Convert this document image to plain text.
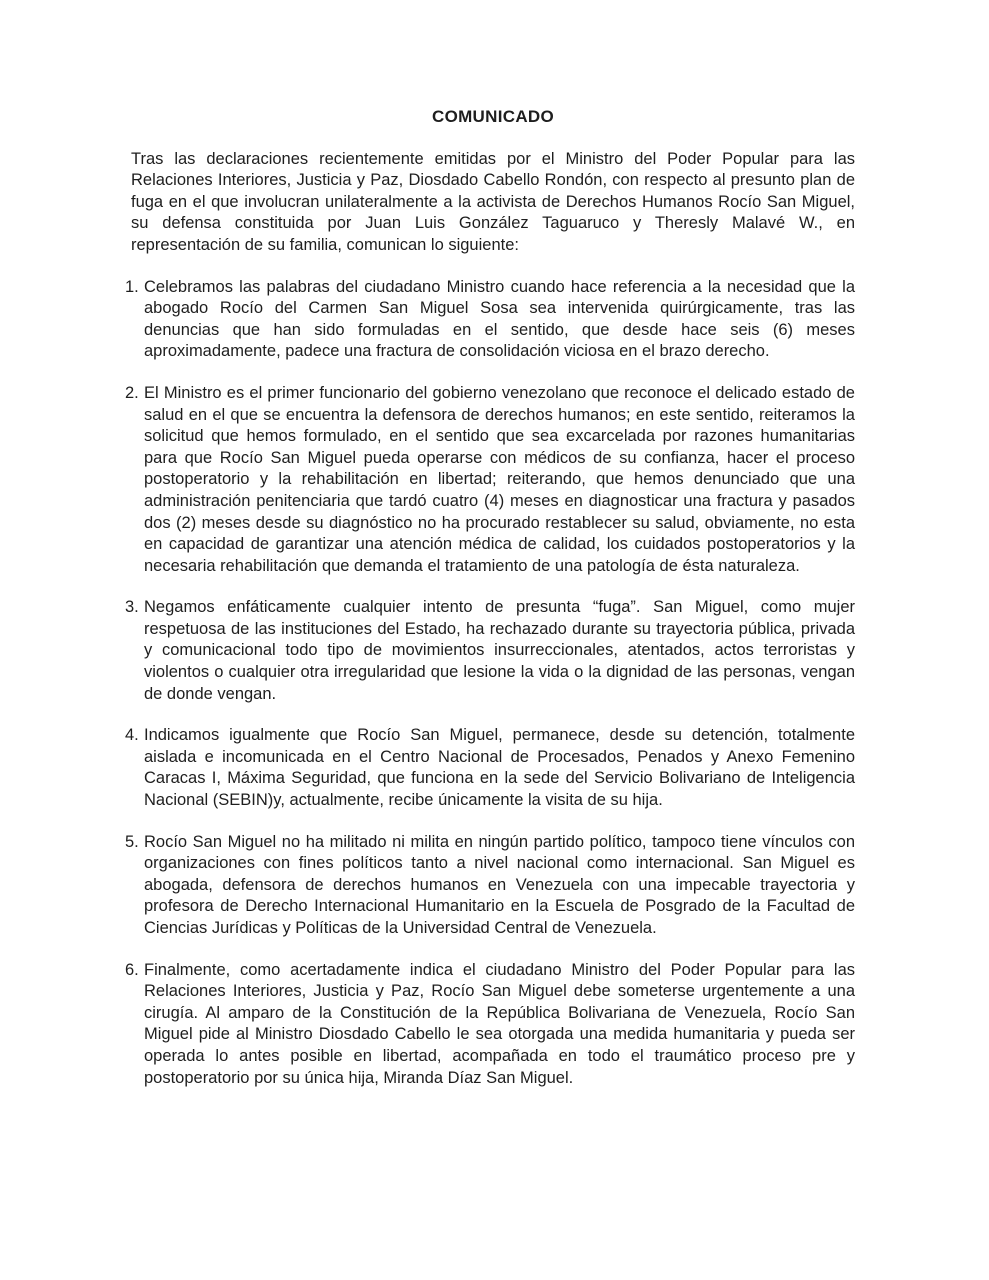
COMUNICADO

Tras las declaraciones recientemente emitidas por el Ministro del Poder Popular para las Relaciones Interiores, Justicia y Paz, Diosdado Cabello Rondón, con respecto al presunto plan de fuga en el que involucran unilateralmente a la activista de Derechos Humanos Rocío San Miguel, su defensa constituida por Juan Luis González Taguaruco y Theresly Malavé W., en representación de su familia, comunican lo siguiente:

1. Celebramos las palabras del ciudadano Ministro cuando hace referencia a la necesidad que la abogado Rocío del Carmen San Miguel Sosa sea intervenida quirúrgicamente, tras las denuncias que han sido formuladas en el sentido, que desde hace seis (6) meses aproximadamente, padece una fractura de consolidación viciosa en el brazo derecho.
2. El Ministro es el primer funcionario del gobierno venezolano que reconoce el delicado estado de salud en el que se encuentra la defensora de derechos humanos; en este sentido, reiteramos la solicitud que hemos formulado, en el sentido que sea excarcelada por razones humanitarias para que Rocío San Miguel pueda operarse con médicos de su confianza, hacer el proceso postoperatorio y la rehabilitación en libertad; reiterando, que hemos denunciado que una administración penitenciaria que tardó cuatro (4) meses en diagnosticar una fractura y pasados dos (2) meses desde su diagnóstico no ha procurado restablecer su salud, obviamente, no esta en capacidad de garantizar una atención médica de calidad, los cuidados postoperatorios y la necesaria rehabilitación que demanda el tratamiento de una patología de ésta naturaleza.
3. Negamos enfáticamente cualquier intento de presunta “fuga”. San Miguel, como mujer respetuosa de las instituciones del Estado, ha rechazado durante su trayectoria pública, privada y comunicacional todo tipo de movimientos insurreccionales, atentados, actos terroristas y violentos o cualquier otra irregularidad que lesione la vida o la dignidad de las personas, vengan de donde vengan.
4. Indicamos igualmente que Rocío San Miguel, permanece, desde su detención, totalmente aislada e incomunicada en el Centro Nacional de Procesados, Penados y Anexo Femenino Caracas I, Máxima Seguridad, que funciona en la sede del Servicio Bolivariano de Inteligencia Nacional (SEBIN)y, actualmente, recibe únicamente la visita de su hija.
5. Rocío San Miguel no ha militado ni milita en ningún partido político, tampoco tiene vínculos con organizaciones con fines políticos tanto a nivel nacional como internacional. San Miguel es abogada, defensora de derechos humanos en Venezuela con una impecable trayectoria y profesora de Derecho Internacional Humanitario en la Escuela de Posgrado de la Facultad de Ciencias Jurídicas y Políticas de la Universidad Central de Venezuela.
6. Finalmente, como acertadamente indica el ciudadano Ministro del Poder Popular para las Relaciones Interiores, Justicia y Paz, Rocío San Miguel debe someterse urgentemente a una cirugía. Al amparo de la Constitución de la República Bolivariana de Venezuela, Rocío San Miguel pide al Ministro Diosdado Cabello le sea otorgada una medida humanitaria y pueda ser operada lo antes posible en libertad, acompañada en todo el traumático proceso pre y postoperatorio por su única hija, Miranda Díaz San Miguel.
